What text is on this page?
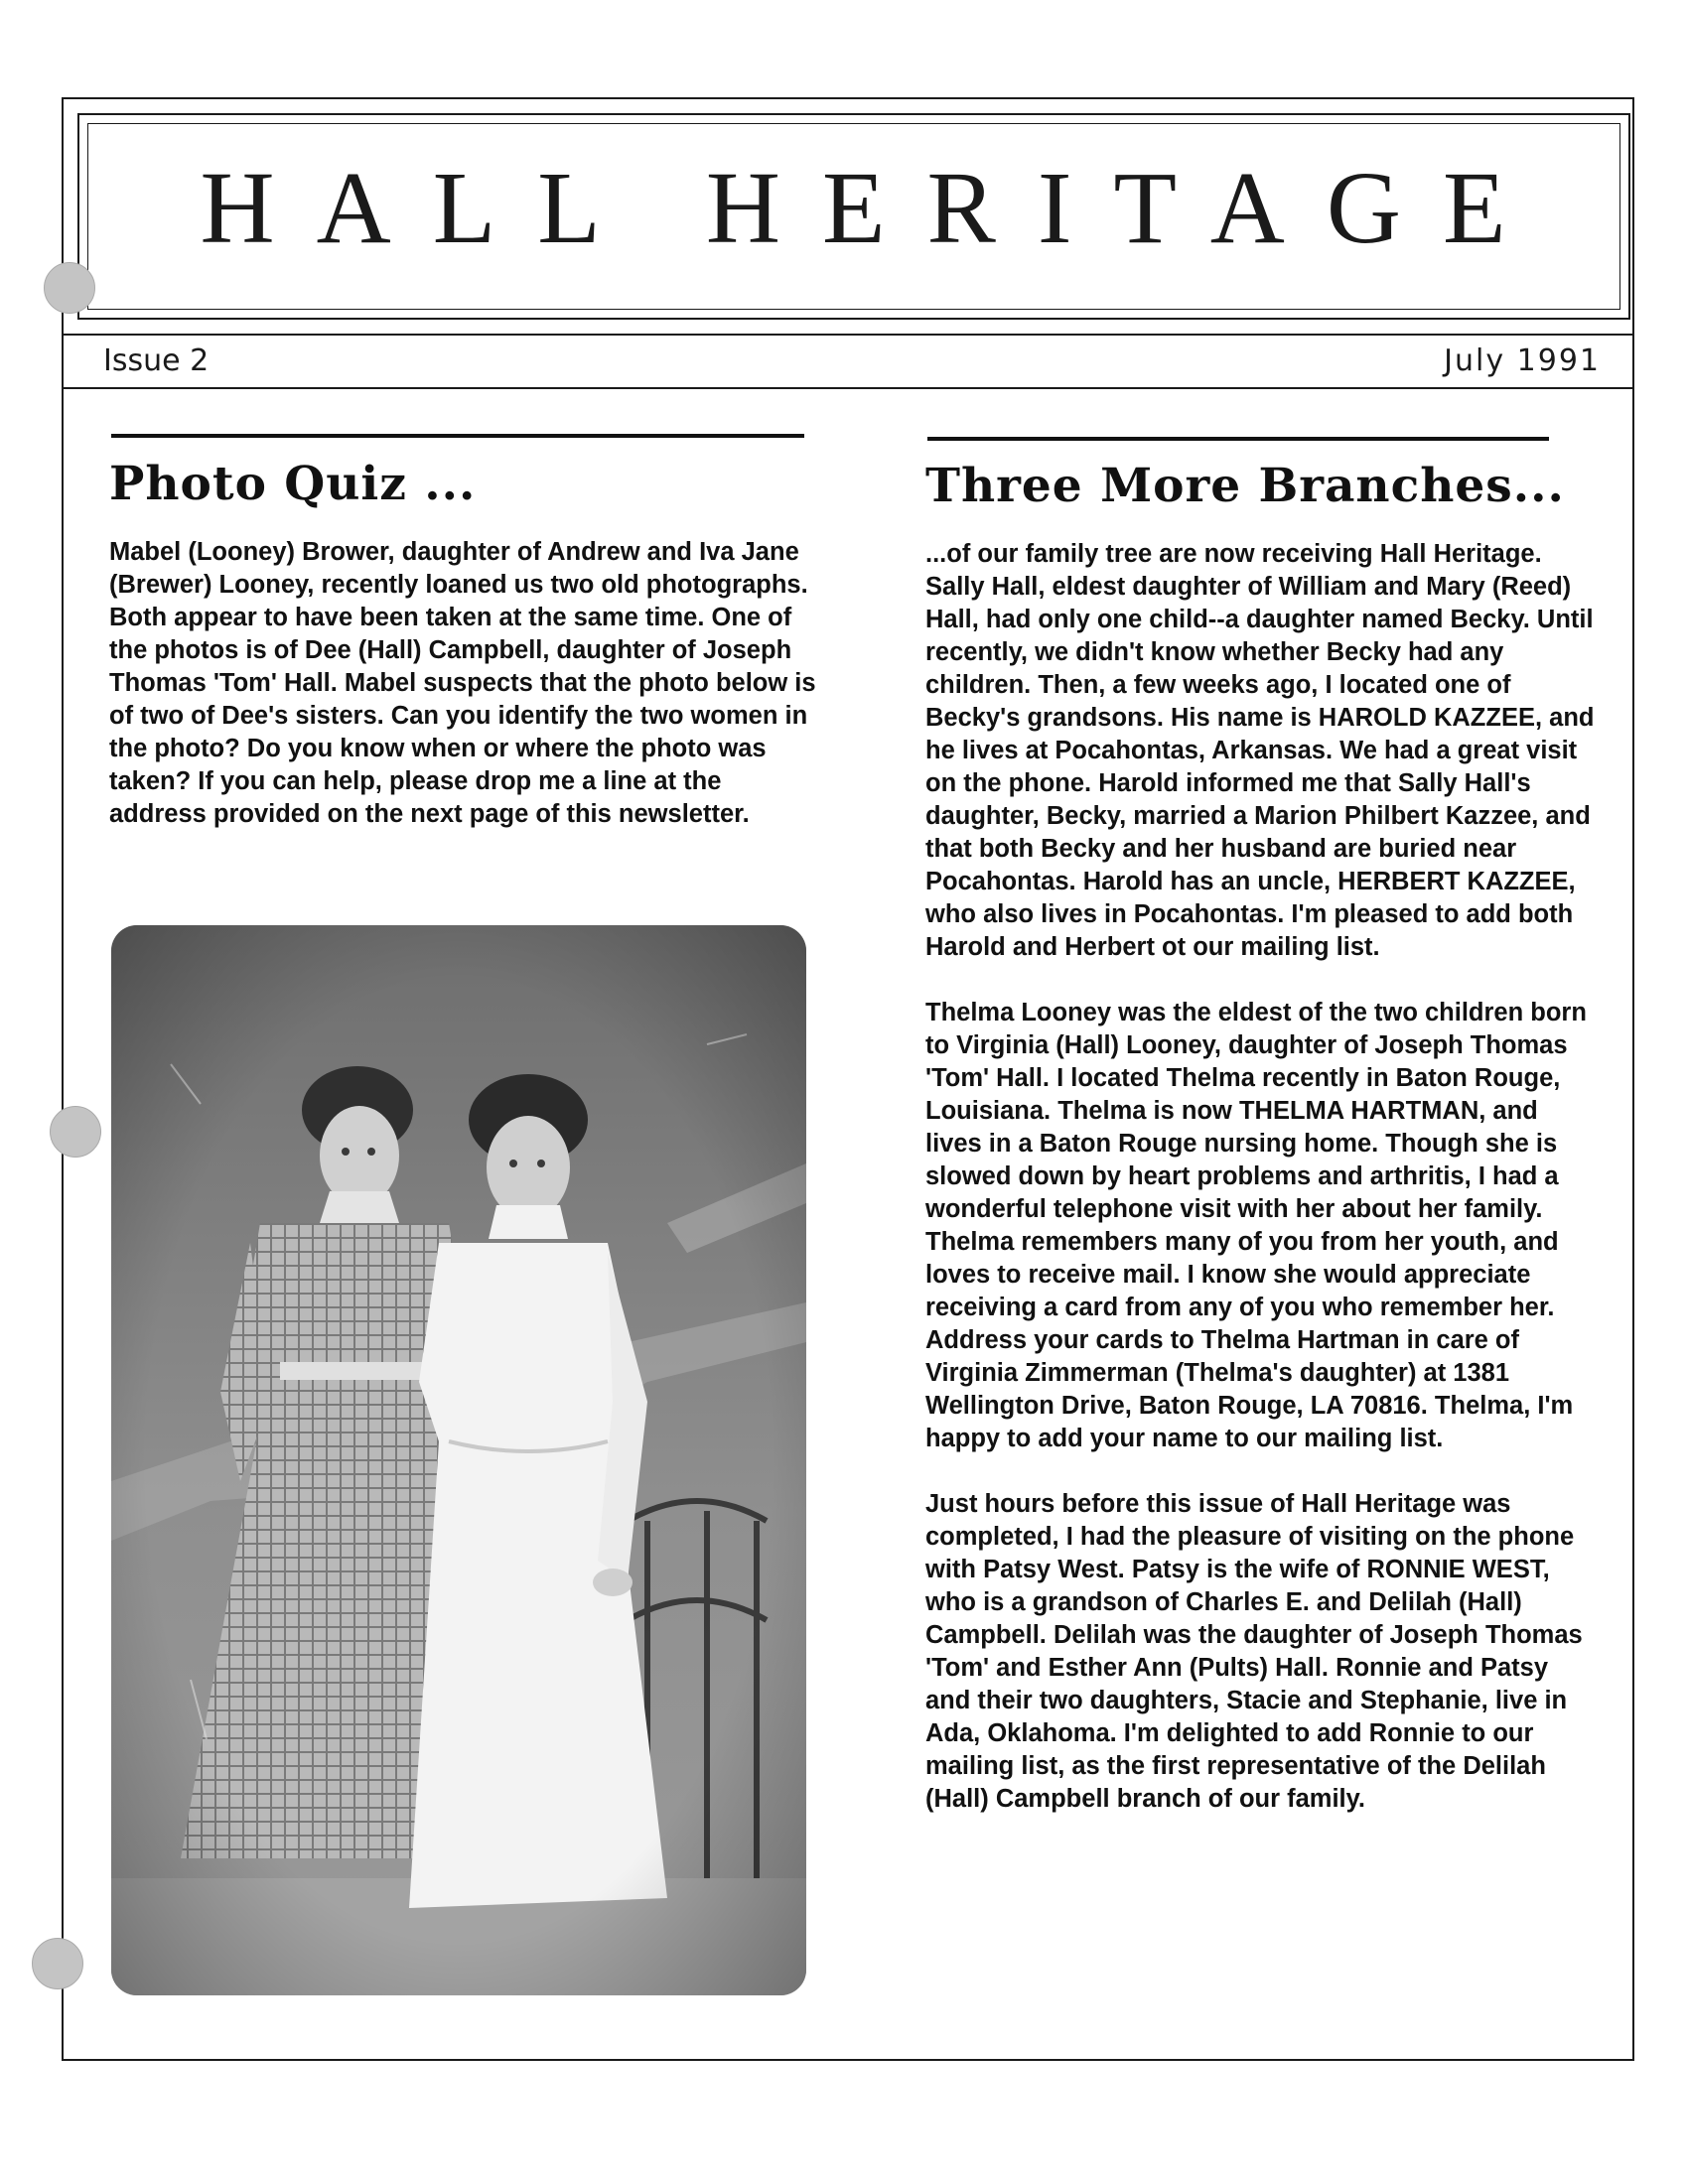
HALL HERITAGE
Issue 2	July 1991
Photo Quiz ...

Mabel (Looney) Brower, daughter of Andrew and Iva Jane (Brewer) Looney, recently loaned us two old photographs. Both appear to have been taken at the same time. One of the photos is of Dee (Hall) Campbell, daughter of Joseph Thomas 'Tom' Hall. Mabel suspects that the photo below is of two of Dee's sisters. Can you identify the two women in the photo? Do you know when or where the photo was taken? If you can help, please drop me a line at the address provided on the next page of this newsletter.

Three More Branches...

...of our family tree are now receiving Hall Heritage. Sally Hall, eldest daughter of William and Mary (Reed) Hall, had only one child--a daughter named Becky. Until recently, we didn't know whether Becky had any children. Then, a few weeks ago, I located one of Becky's grandsons. His name is HAROLD KAZZEE, and he lives at Pocahontas, Arkansas. We had a great visit on the phone. Harold informed me that Sally Hall's daughter, Becky, married a Marion Philbert Kazzee, and that both Becky and her husband are buried near Pocahontas. Harold has an uncle, HERBERT KAZZEE, who also lives in Pocahontas. I'm pleased to add both Harold and Herbert ot our mailing list.

Thelma Looney was the eldest of the two children born to Virginia (Hall) Looney, daughter of Joseph Thomas 'Tom' Hall. I located Thelma recently in Baton Rouge, Louisiana. Thelma is now THELMA HARTMAN, and lives in a Baton Rouge nursing home. Though she is slowed down by heart problems and arthritis, I had a wonderful telephone visit with her about her family. Thelma remembers many of you from her youth, and loves to receive mail. I know she would appreciate receiving a card from any of you who remember her. Address your cards to Thelma Hartman in care of Virginia Zimmerman (Thelma's daughter) at 1381 Wellington Drive, Baton Rouge, LA 70816. Thelma, I'm happy to add your name to our mailing list.

Just hours before this issue of Hall Heritage was completed, I had the pleasure of visiting on the phone with Patsy West. Patsy is the wife of RONNIE WEST, who is a grandson of Charles E. and Delilah (Hall) Campbell. Delilah was the daughter of Joseph Thomas 'Tom' and Esther Ann (Pults) Hall. Ronnie and Patsy and their two daughters, Stacie and Stephanie, live in Ada, Oklahoma. I'm delighted to add Ronnie to our mailing list, as the first representative of the Delilah (Hall) Campbell branch of our family.
